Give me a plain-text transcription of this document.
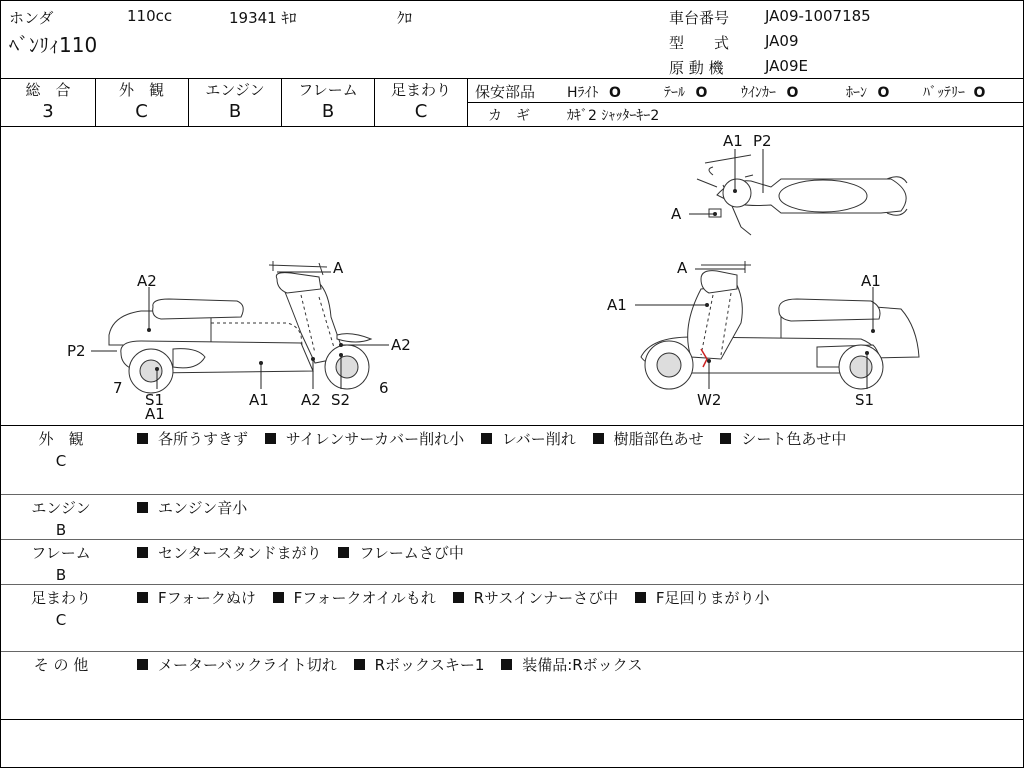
ホンダ	110cc	19341 ｷﾛ	ｸﾛ
ﾍﾞﾝﾘｨ110
車台番号 JA09-1007185
型　　式 JA09
原 動 機	JA09E
総　合
3
外　観
C
エンジン
B
フレーム
B
足まわり
C
保安部品 Hﾗｲﾄ O	ﾃｰﾙ O ｳｲﾝｶｰ O	ﾎｰﾝ O ﾊﾞｯﾃﾘｰ O
カ　ギ	ｶｷﾞ2 ｼｬｯﾀｰｷｰ2
A1 P2
A
A
A2
A2
P2
7
S1
A1
A1 A2 S2
6
A
A1
A1
W2	S1
外　観
C
各所うすきず	サイレンサーカバー削れ小	レバー削れ	樹脂部色あせ	シート色あせ中
エンジン
B
エンジン音小
フレーム
B
センタースタンドまがり	フレームさび中
足まわり
C
Fフォークぬけ	Fフォークオイルもれ	Rサスインナーさび中	F足回りまがり小
そ の 他	メーターバックライト切れ	Rボックスキー1	装備品:Rボックス
